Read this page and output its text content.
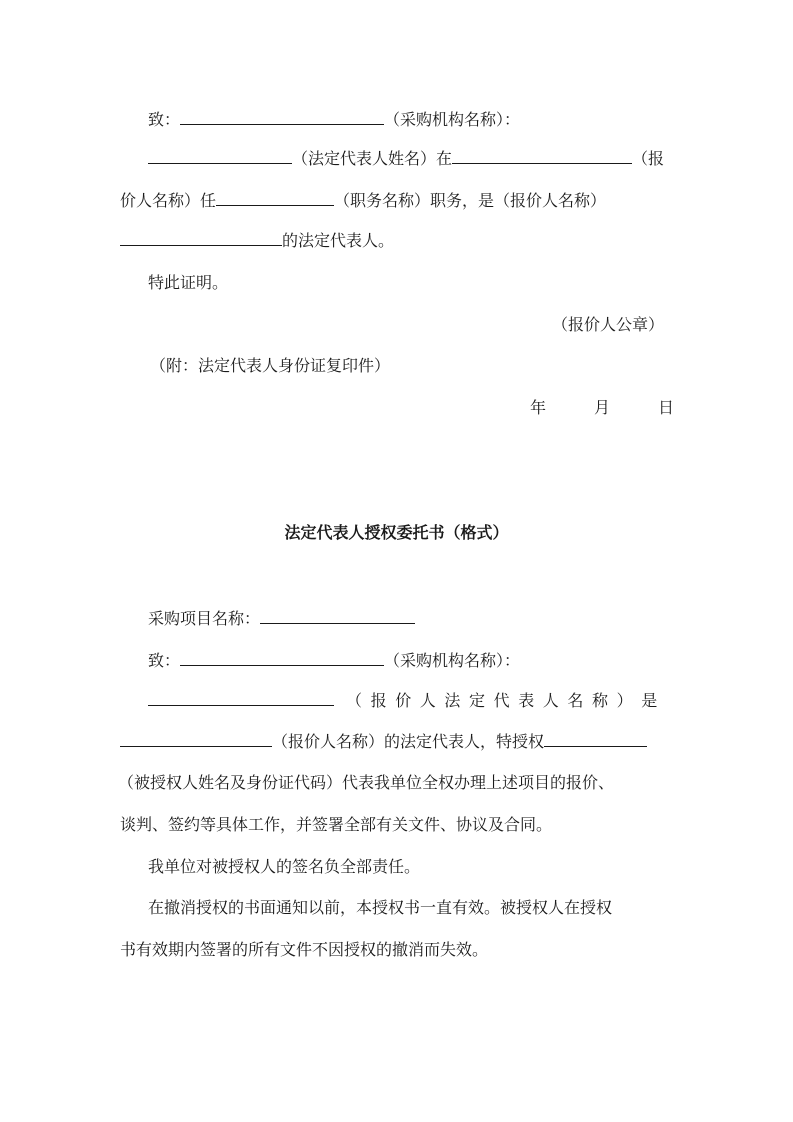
致：	（采购机构名称）：
（法定代表人姓名）在	（报
价人名称）任	（职务名称）职务，是（报价人名称）
的法定代表人。
特此证明。
（报价人公章）
（附：法定代表人身份证复印件）
年	月	日
法定代表人授权委托书（格式）
采购项目名称：
致：	（采购机构名称）：
（报价人法定代表人名称）是
（报价人名称）的法定代表人，特授权
（被授权人姓名及身份证代码）代表我单位全权办理上述项目的报价、
谈判、签约等具体工作，并签署全部有关文件、协议及合同。
我单位对被授权人的签名负全部责任。
在撤消授权的书面通知以前，本授权书一直有效。被授权人在授权
书有效期内签署的所有文件不因授权的撤消而失效。
